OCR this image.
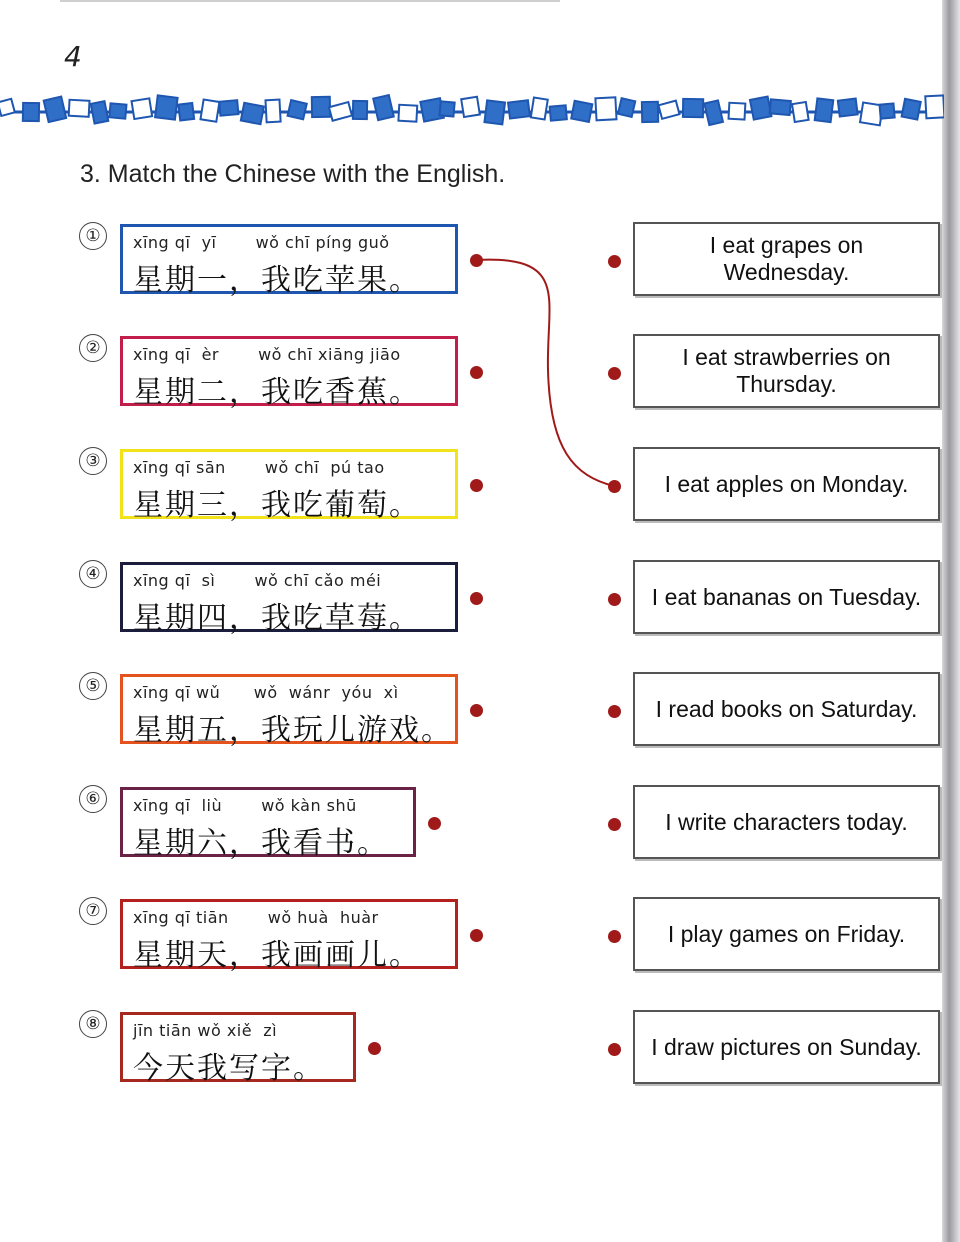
4
3. Match the Chinese with the English.
①	xīng qī  yī       wǒ chī píng guǒ
星期一，我吃苹果。
②	xīng qī  èr       wǒ chī xiāng jiāo
星期二，我吃香蕉。
③	xīng qī sān       wǒ chī  pú tao
星期三，我吃葡萄。
④	xīng qī  sì       wǒ chī cǎo méi
星期四，我吃草莓。
⑤	xīng qī wǔ      wǒ  wánr  yóu  xì
星期五，我玩儿游戏。
⑥	xīng qī  liù       wǒ kàn shū
星期六，我看书。
⑦	xīng qī tiān       wǒ huà  huàr
星期天，我画画儿。
⑧	jīn tiān wǒ xiě  zì
今天我写字。
I eat grapes on Wednesday.
I eat strawberries on Thursday.
I eat apples on Monday.
I eat bananas on Tuesday.
I read books on Saturday.
I write characters today.
I play games on Friday.
I draw pictures on Sunday.
